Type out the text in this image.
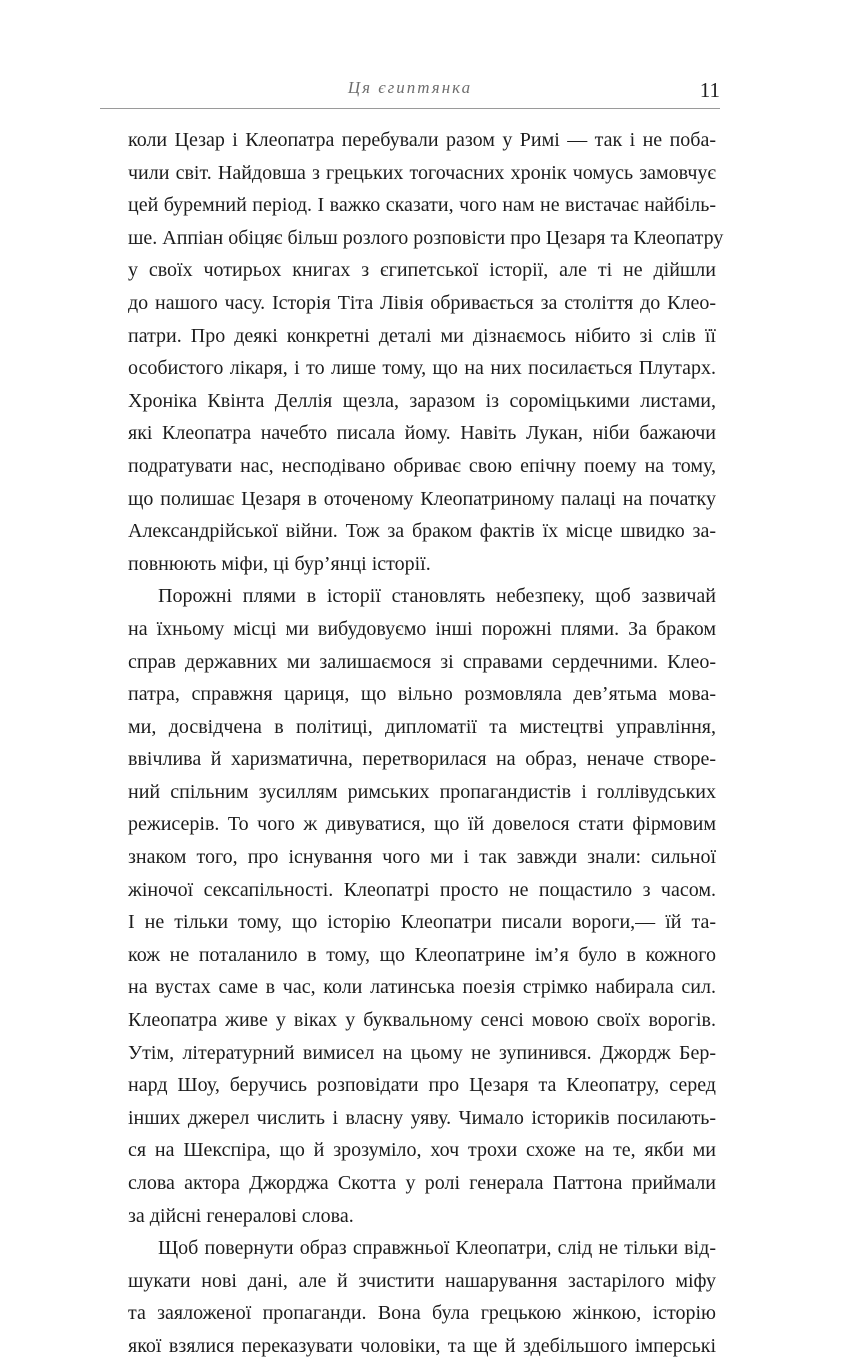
Ця єгиптянка	11
коли Цезар і Клеопатра перебували разом у Римі — так і не поба-
чили світ. Найдовша з грецьких тогочасних хронік чомусь замовчує
цей буремний період. І важко сказати, чого нам не вистачає найбіль-
ше. Аппіан обіцяє більш розлого розповісти про Цезаря та Клеопатру
у своїх чотирьох книгах з єгипетської історії, але ті не дійшли
до нашого часу. Історія Тіта Лівія обривається за століття до Клео-
патри. Про деякі конкретні деталі ми дізнаємось нібито зі слів її
особистого лікаря, і то лише тому, що на них посилається Плутарх.
Хроніка Квінта Деллія щезла, заразом із сороміцькими листами,
які Клеопатра начебто писала йому. Навіть Лукан, ніби бажаючи
подратувати нас, несподівано обриває свою епічну поему на тому,
що полишає Цезаря в оточеному Клеопатриному палаці на початку
Александрійської війни. Тож за браком фактів їх місце швидко за-
повнюють міфи, ці бур’янці історії.
Порожні плями в історії становлять небезпеку, щоб зазвичай
на їхньому місці ми вибудовуємо інші порожні плями. За браком
справ державних ми залишаємося зі справами сердечними. Клео-
патра, справжня цариця, що вільно розмовляла дев’ятьма мова-
ми, досвідчена в політиці, дипломатії та мистецтві управління,
ввічлива й харизматична, перетворилася на образ, неначе створе-
ний спільним зусиллям римських пропагандистів і голлівудських
режисерів. То чого ж дивуватися, що їй довелося стати фірмовим
знаком того, про існування чого ми і так завжди знали: сильної
жіночої сексапільності. Клеопатрі просто не пощастило з часом.
І не тільки тому, що історію Клеопатри писали вороги,— їй та-
кож не поталанило в тому, що Клеопатрине ім’я було в кожного
на вустах саме в час, коли латинська поезія стрімко набирала сил.
Клеопатра живе у віках у буквальному сенсі мовою своїх ворогів.
Утім, літературний вимисел на цьому не зупинився. Джордж Бер-
нард Шоу, беручись розповідати про Цезаря та Клеопатру, серед
інших джерел числить і власну уяву. Чимало істориків посилають-
ся на Шекспіра, що й зрозуміло, хоч трохи схоже на те, якби ми
слова актора Джорджа Скотта у ролі генерала Паттона приймали
за дійсні генералові слова.
Щоб повернути образ справжньої Клеопатри, слід не тільки від-
шукати нові дані, але й зчистити нашарування застарілого міфу
та заяложеної пропаганди. Вона була грецькою жінкою, історію
якої взялися переказувати чоловіки, та ще й здебільшого імперські
